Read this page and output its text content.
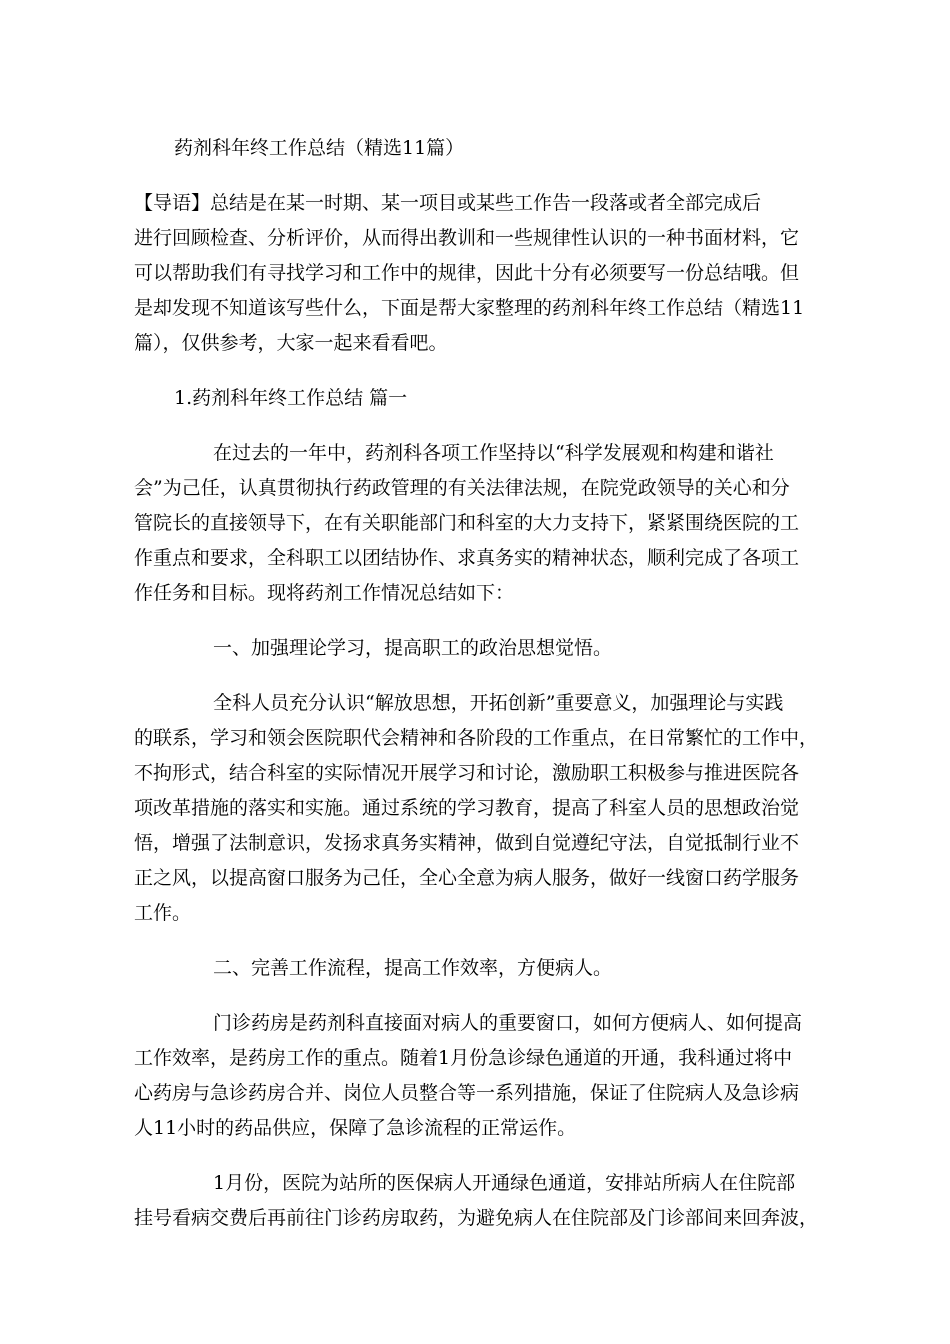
药剂科年终工作总结（精选11篇）
【导语】总结是在某一时期、某一项目或某些工作告一段落或者全部完成后
进行回顾检查、分析评价，从而得出教训和一些规律性认识的一种书面材料，它
可以帮助我们有寻找学习和工作中的规律，因此十分有必须要写一份总结哦。但
是却发现不知道该写些什么，下面是帮大家整理的药剂科年终工作总结（精选11
篇），仅供参考，大家一起来看看吧。
1.药剂科年终工作总结 篇一
在过去的一年中，药剂科各项工作坚持以“科学发展观和构建和谐社
会”为己任，认真贯彻执行药政管理的有关法律法规，在院党政领导的关心和分
管院长的直接领导下，在有关职能部门和科室的大力支持下，紧紧围绕医院的工
作重点和要求，全科职工以团结协作、求真务实的精神状态，顺利完成了各项工
作任务和目标。现将药剂工作情况总结如下：
一、加强理论学习，提高职工的政治思想觉悟。
全科人员充分认识“解放思想，开拓创新”重要意义，加强理论与实践
的联系，学习和领会医院职代会精神和各阶段的工作重点，在日常繁忙的工作中，
不拘形式，结合科室的实际情况开展学习和讨论，激励职工积极参与推进医院各
项改革措施的落实和实施。通过系统的学习教育，提高了科室人员的思想政治觉
悟，增强了法制意识，发扬求真务实精神，做到自觉遵纪守法，自觉抵制行业不
正之风，以提高窗口服务为己任，全心全意为病人服务，做好一线窗口药学服务
工作。
二、完善工作流程，提高工作效率，方便病人。
门诊药房是药剂科直接面对病人的重要窗口，如何方便病人、如何提高
工作效率，是药房工作的重点。随着1月份急诊绿色通道的开通，我科通过将中
心药房与急诊药房合并、岗位人员整合等一系列措施，保证了住院病人及急诊病
人11小时的药品供应，保障了急诊流程的正常运作。
1月份，医院为站所的医保病人开通绿色通道，安排站所病人在住院部
挂号看病交费后再前往门诊药房取药，为避免病人在住院部及门诊部间来回奔波，
